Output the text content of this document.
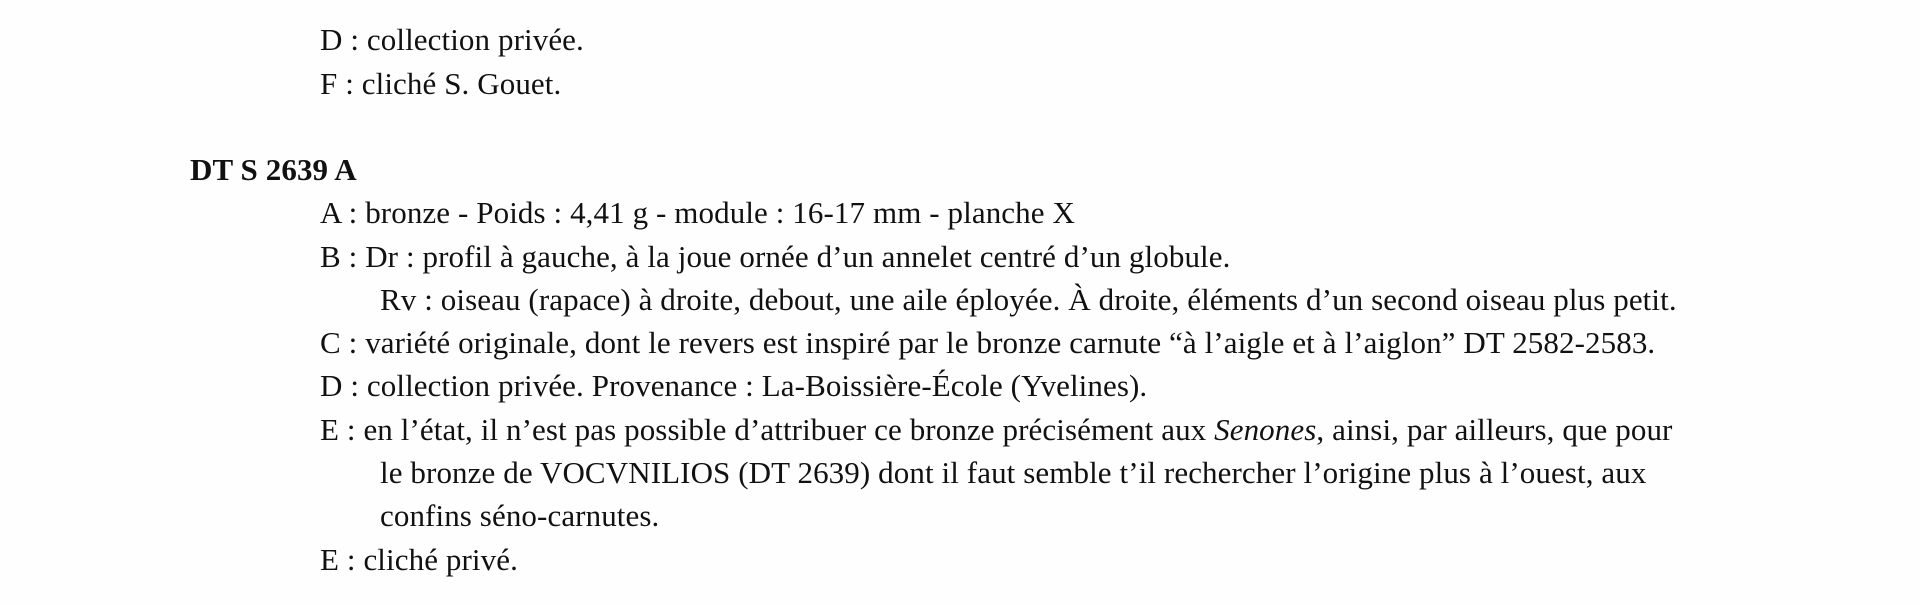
D : collection privée.
F : cliché S. Gouet.
DT S 2639 A
A : bronze - Poids : 4,41 g - module : 16-17 mm - planche X
B : Dr : profil à gauche, à la joue ornée d’un annelet centré d’un globule.
Rv : oiseau (rapace) à droite, debout, une aile éployée. À droite, éléments d’un second oiseau plus petit.
C : variété originale, dont le revers est inspiré par le bronze carnute “à l’aigle et à l’aiglon” DT 2582-2583.
D : collection privée. Provenance : La-Boissière-École (Yvelines).
E : en l’état, il n’est pas possible d’attribuer ce bronze précisément aux Senones, ainsi, par ailleurs, que pour
le bronze de VOCVNILIOS (DT 2639) dont il faut semble t’il rechercher l’origine plus à l’ouest, aux
confins séno-carnutes.
E : cliché privé.
